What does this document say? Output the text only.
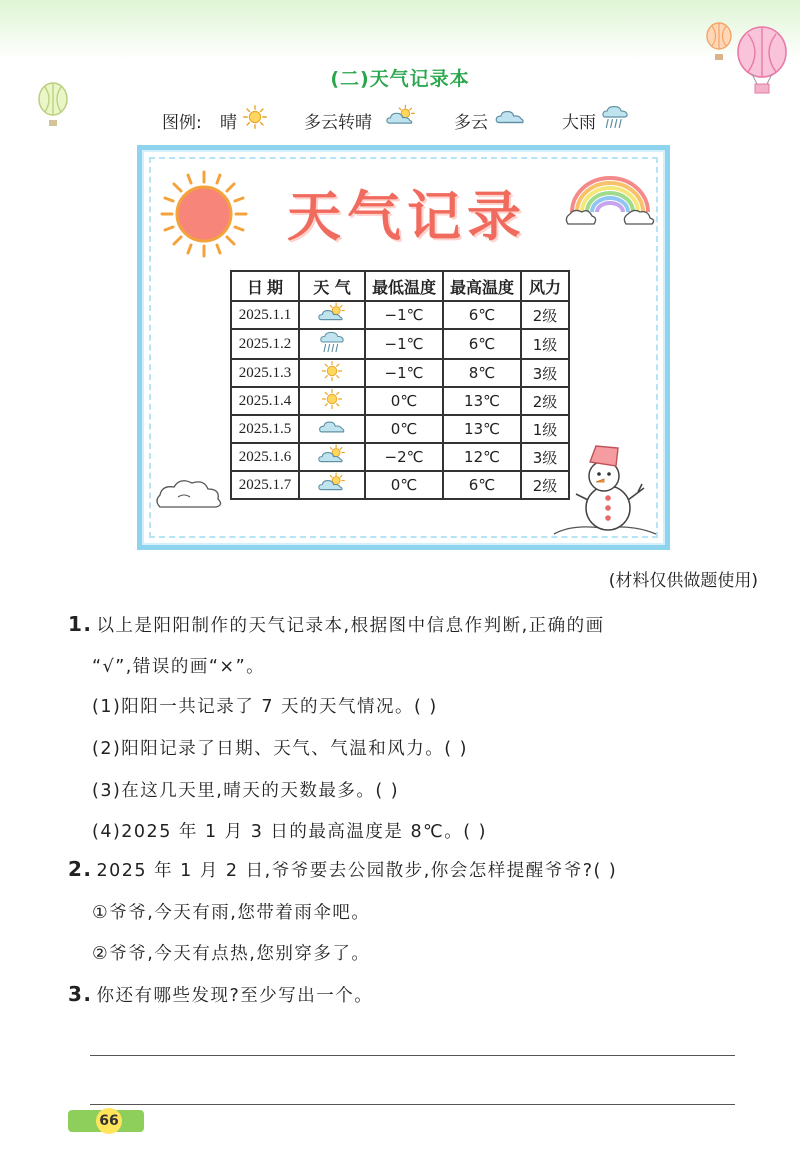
(二)天气记录本
图例: 晴	多云转晴	多云	大雨
天气记录
日 期	天 气	最低温度	最高温度	风力
2025.1.1		−1℃	6℃	2级
2025.1.2		−1℃	6℃	1级
2025.1.3		−1℃	8℃	3级
2025.1.4		0℃	13℃	2级
2025.1.5		0℃	13℃	1级
2025.1.6		−2℃	12℃	3级
2025.1.7		0℃	6℃	2级
(材料仅供做题使用)
1. 以上是阳阳制作的天气记录本,根据图中信息作判断,正确的画
“√”,错误的画“×”。
(1)阳阳一共记录了 7 天的天气情况。( )
(2)阳阳记录了日期、天气、气温和风力。( )
(3)在这几天里,晴天的天数最多。( )
(4)2025 年 1 月 3 日的最高温度是 8℃。( )
2. 2025 年 1 月 2 日,爷爷要去公园散步,你会怎样提醒爷爷?( )
①爷爷,今天有雨,您带着雨伞吧。
②爷爷,今天有点热,您别穿多了。
3. 你还有哪些发现?至少写出一个。
66
